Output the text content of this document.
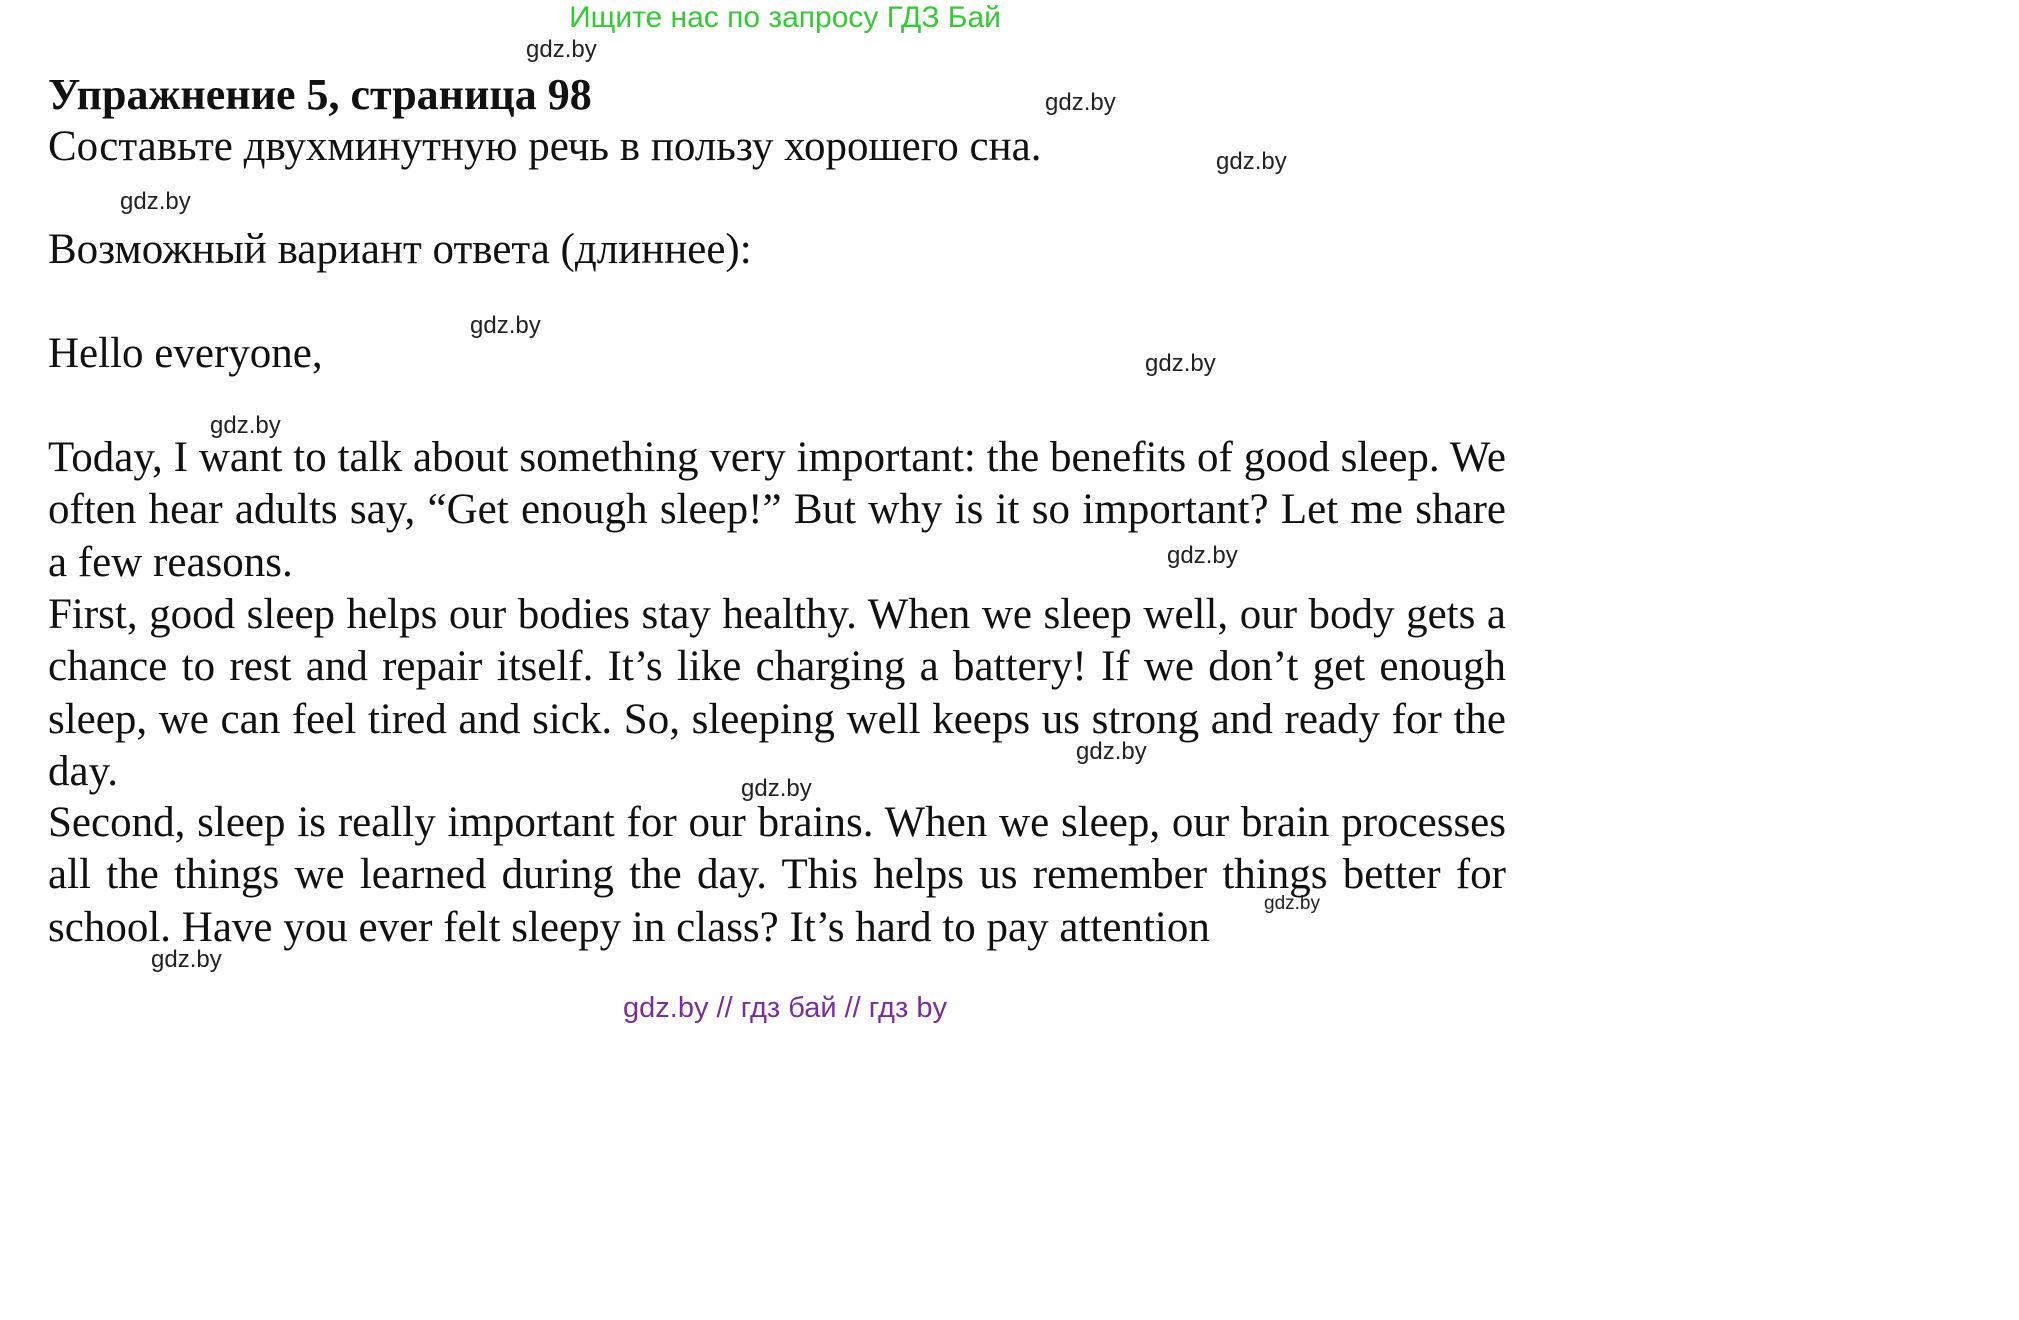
Ищите нас по запросу ГДЗ Бай
Упражнение 5, страница 98
Составьте двухминутную речь в пользу хорошего сна.
Возможный вариант ответа (длиннее):
Hello everyone,

Today, I want to talk about something very important: the benefits of good sleep. We often hear adults say, “Get enough sleep!” But why is it so important? Let me share a few reasons.

First, good sleep helps our bodies stay healthy. When we sleep well, our body gets a chance to rest and repair itself. It’s like charging a battery! If we don’t get enough sleep, we can feel tired and sick. So, sleeping well keeps us strong and ready for the day.

Second, sleep is really important for our brains. When we sleep, our brain processes all the things we learned during the day. This helps us remember things better for school. Have you ever felt sleepy in class? It’s hard to pay attention

gdz.by
gdz.by
gdz.by
gdz.by
gdz.by
gdz.by
gdz.by
gdz.by
gdz.by
gdz.by
gdz.by
gdz.by
gdz.by // гдз бай // гдз by
